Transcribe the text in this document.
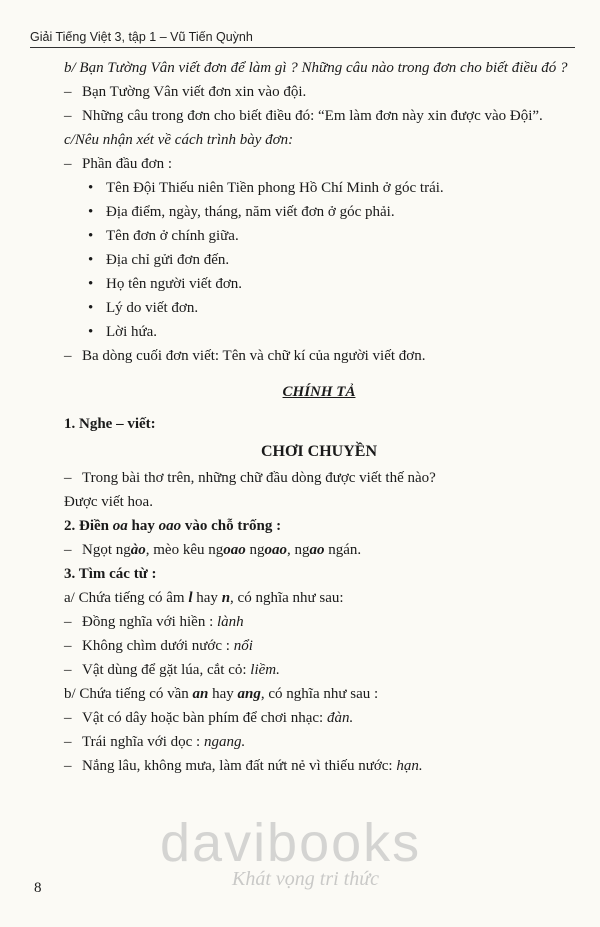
Giải Tiếng Việt 3, tập 1 – Vũ Tiến Quỳnh

b/ Bạn Tường Vân viết đơn để làm gì ? Những câu nào trong đơn cho biết điều đó ?

– Bạn Tường Vân viết đơn xin vào đội.

– Những câu trong đơn cho biết điều đó: “Em làm đơn này xin được vào Đội”.

c/Nêu nhận xét về cách trình bày đơn:

– Phần đầu đơn :

• Tên Đội Thiếu niên Tiền phong Hồ Chí Minh ở góc trái.

• Địa điểm, ngày, tháng, năm viết đơn ở góc phải.

• Tên đơn ở chính giữa.

• Địa chỉ gửi đơn đến.

• Họ tên người viết đơn.

• Lý do viết đơn.

• Lời hứa.

– Ba dòng cuối đơn viết: Tên và chữ kí của người viết đơn.

CHÍNH TẢ

1. Nghe – viết:

CHƠI CHUYỀN

– Trong bài thơ trên, những chữ đầu dòng được viết thế nào?

Được viết hoa.

2. Điền oa hay oao vào chỗ trống :

– Ngọt ngào, mèo kêu ngoao ngoao, ngao ngán.

3. Tìm các từ :

a/ Chứa tiếng có âm l hay n, có nghĩa như sau:

– Đồng nghĩa với hiền : lành

– Không chìm dưới nước : nổi

– Vật dùng để gặt lúa, cắt cỏ: liềm.

b/ Chứa tiếng có vần an hay ang, có nghĩa như sau :

– Vật có dây hoặc bàn phím để chơi nhạc: đàn.

– Trái nghĩa với dọc : ngang.

– Nắng lâu, không mưa, làm đất nứt nẻ vì thiếu nước: hạn.

davibooks
Khát vọng tri thức
8
